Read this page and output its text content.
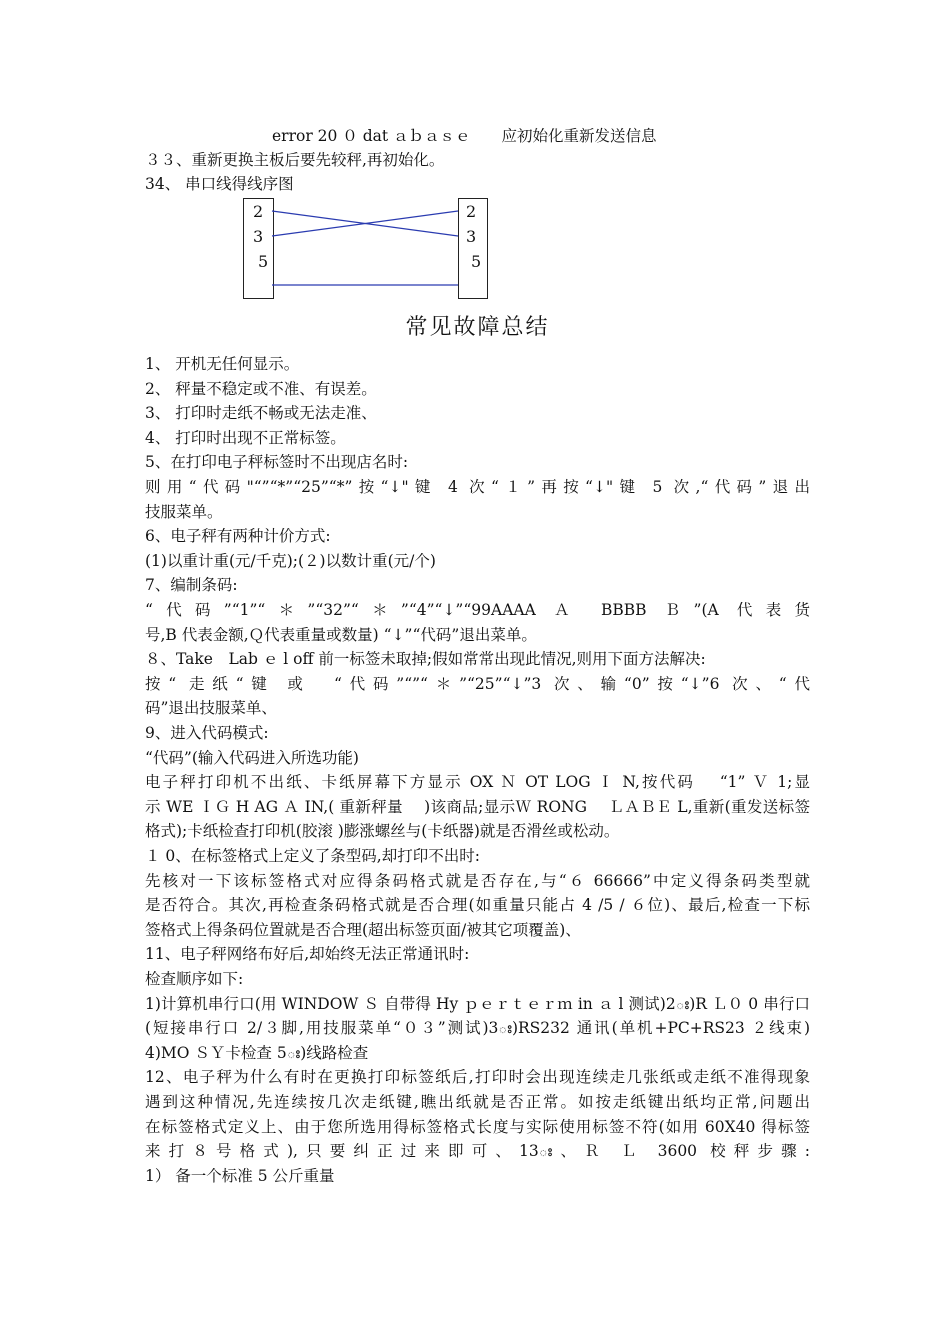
error 20 ０ dat ａｂａｓｅ　　应初始化重新发送信息
３３、重新更换主板后要先较秤,再初始化。
34、 串口线得线序图
2
3
5
2
3
5
常见故障总结
1、 开机无任何显示。
2、 秤量不稳定或不准、有误差。
3、 打印时走纸不畅或无法走准、
4、 打印时出现不正常标签。
5、在打印电子秤标签时不出现店名时:
则用“代码"“”“*”“25”“*”按“↓"键 4 次“１”再按“↓"键 5 次,“代码”退出
技服菜单。
6、电子秤有两种计价方式:
(1)以重计重(元/千克);(２)以数计重(元/个)
7、编制条码:
“代码”“1”“＊”“32”“＊”“4”“↓”“99AAAA Ａ BBBB Ｂ”(A 代表货
号,B 代表金额,Ｑ代表重量或数量) “↓”“代码”退出菜单。
８、Take　Lab ｅ l off 前一标签未取掉;假如常常出现此情况,则用下面方法解决:
按“ 走纸“键 或　“代码”“”“＊”“25”“↓”3 次、输“0”按“↓”6 次、“代
码”退出技服菜单、
9、进入代码模式:
“代码”(输入代码进入所选功能)
电子秤打印机不出纸、卡纸屏幕下方显示 OX Ｎ OT LOG Ｉ N,按代码　 “1” Ｖ 1;显
示 WE ＩＧ H AG Ａ IN,( 重新秤量　 )该商品;显示Ｗ RONG　 ＬＡＢＥ L,重新(重发送标签
格式);卡纸检查打印机(胶滚 )膨涨螺丝与(卡纸器)就是否滑丝或松动。
１ 0、在标签格式上定义了条型码,却打印不出时:
先核对一下该标签格式对应得条码格式就是否存在,与“６ 66666”中定义得条码类型就
是否符合。其次,再检查条码格式就是否合理(如重量只能占 4 /5 / ６位)、最后,检查一下标
签格式上得条码位置就是否合理(超出标签页面/被其它项覆盖)、
11、电子秤网络布好后,却始终无法正常通讯时:
检查顺序如下:
1)计算机串行口(用 WINDOW Ｓ 自带得 Hy ｐｅｒｔｅｒｍ in ａ l 测试)2ః)R Ｌ０ 0 串行口
(短接串行口 2/３脚,用技服菜单“０３”测试)3ః)RS232 通讯(单机+PC+RS23 ２线束)
4)MO ＳＹ卡检查 5ః)线路检查
12、电子秤为什么有时在更换打印标签纸后,打印时会出现连续走几张纸或走纸不准得现象
遇到这种情况,先连续按几次走纸键,瞧出纸就是否正常。如按走纸键出纸均正常,问题出
在标签格式定义上、由于您所选用得标签格式长度与实际使用标签不符(如用 60X40 得标签
来打８号格式),只要纠正过来即可、13ః、Ｒ Ｌ 3600 校秤步骤:
1） 备一个标准 5 公斤重量
